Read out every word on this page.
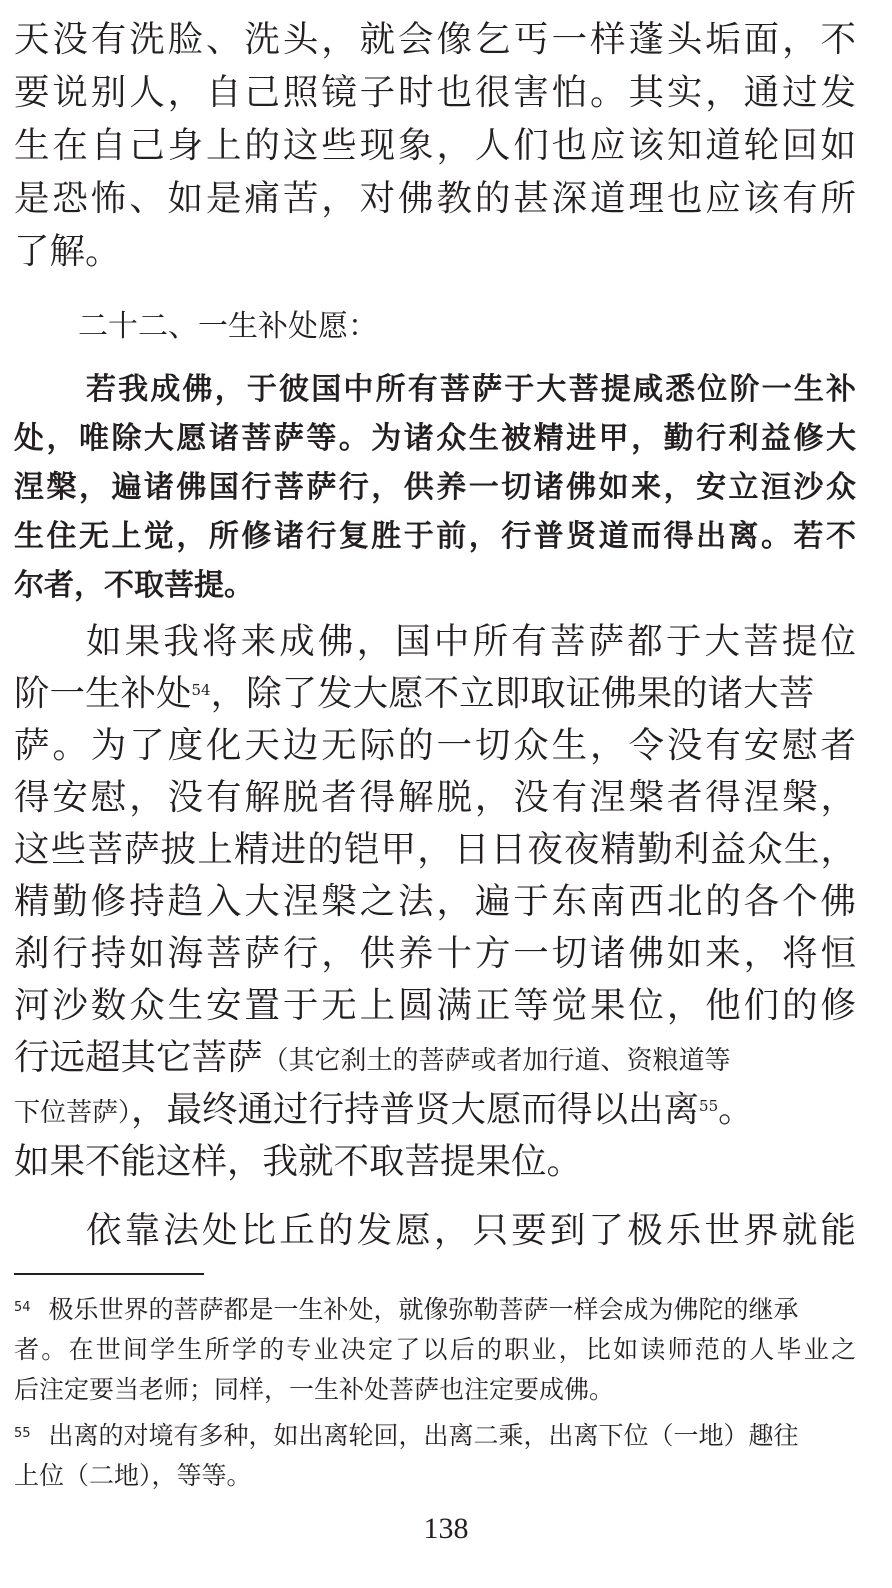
天没有洗脸、洗头，就会像乞丐一样蓬头垢面，不
要说别人，自己照镜子时也很害怕。其实，通过发
生在自己身上的这些现象，人们也应该知道轮回如
是恐怖、如是痛苦，对佛教的甚深道理也应该有所
了解。
二十二、一生补处愿：
若我成佛，于彼国中所有菩萨于大菩提咸悉位阶一生补
处，唯除大愿诸菩萨等。为诸众生被精进甲，勤行利益修大
涅槃，遍诸佛国行菩萨行，供养一切诸佛如来，安立洹沙众
生住无上觉，所修诸行复胜于前，行普贤道而得出离。若不
尔者，不取菩提。
如果我将来成佛，国中所有菩萨都于大菩提位
阶一生补处$^{54}$，除了发大愿不立即取证佛果的诸大菩
萨。为了度化天边无际的一切众生，令没有安慰者
得安慰，没有解脱者得解脱，没有涅槃者得涅槃，
这些菩萨披上精进的铠甲，日日夜夜精勤利益众生，
精勤修持趋入大涅槃之法，遍于东南西北的各个佛
刹行持如海菩萨行，供养十方一切诸佛如来，将恒
河沙数众生安置于无上圆满正等觉果位，他们的修
行远超其它菩萨（其它刹土的菩萨或者加行道、资粮道等
下位菩萨），最终通过行持普贤大愿而得以出离$^{55}$。
如果不能这样，我就不取菩提果位。
依靠法处比丘的发愿，只要到了极乐世界就能
$^{54}$ 极乐世界的菩萨都是一生补处，就像弥勒菩萨一样会成为佛陀的继承
者。在世间学生所学的专业决定了以后的职业，比如读师范的人毕业之
后注定要当老师；同样，一生补处菩萨也注定要成佛。
$^{55}$ 出离的对境有多种，如出离轮回，出离二乘，出离下位（一地）趣往
上位（二地），等等。
138
